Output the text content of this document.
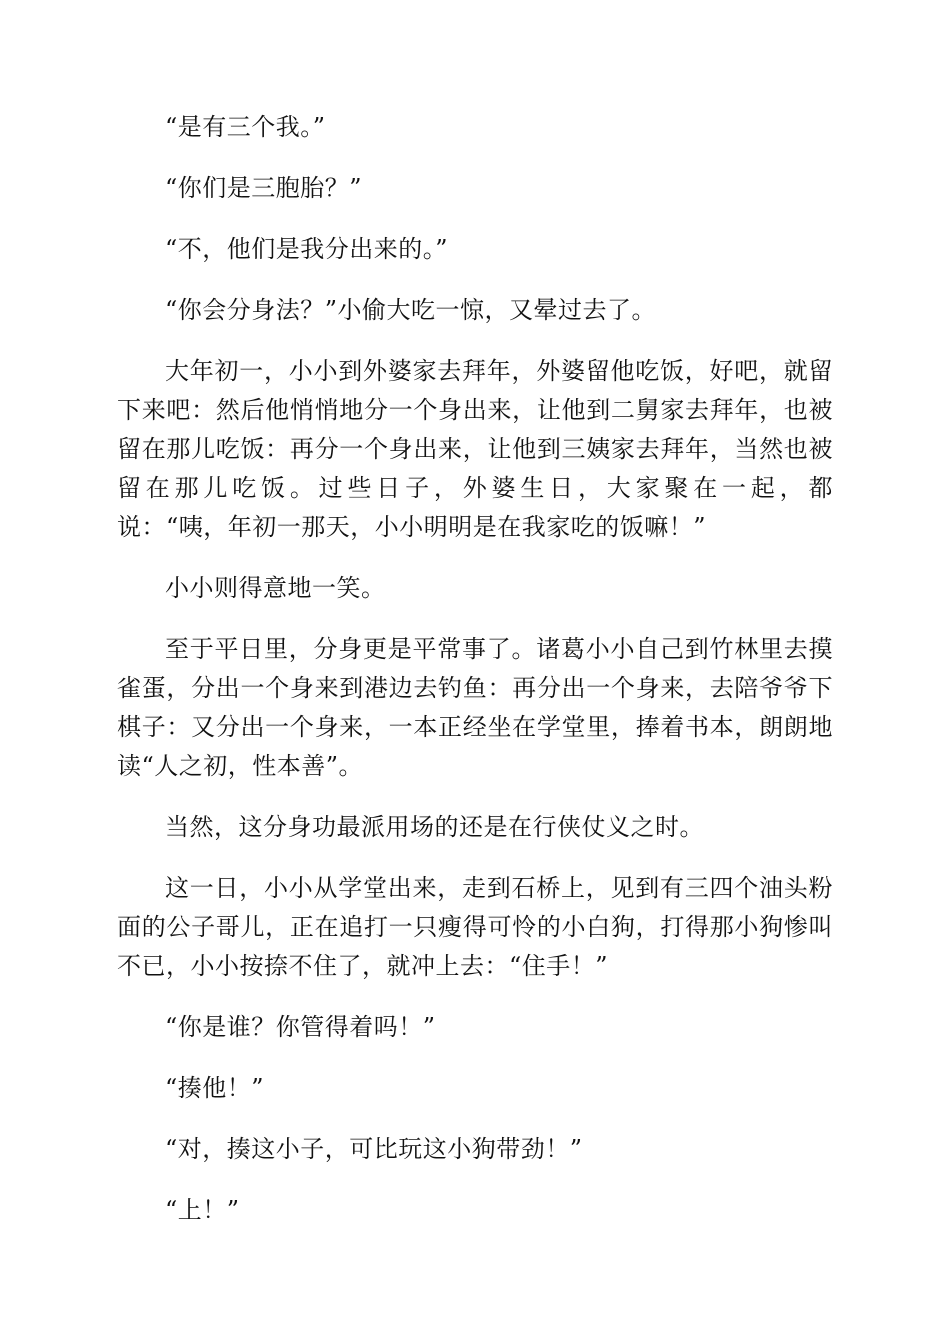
“是有三个我。”

“你们是三胞胎？”

“不，他们是我分出来的。”

“你会分身法？”小偷大吃一惊，又晕过去了。

大年初一，小小到外婆家去拜年，外婆留他吃饭，好吧，就留下来吧：然后他悄悄地分一个身出来，让他到二舅家去拜年，也被留在那儿吃饭：再分一个身出来，让他到三姨家去拜年，当然也被留在那儿吃饭。过些日子，外婆生日，大家聚在一起，都说：“咦，年初一那天，小小明明是在我家吃的饭嘛！”

小小则得意地一笑。

至于平日里，分身更是平常事了。诸葛小小自己到竹林里去摸雀蛋，分出一个身来到港边去钓鱼：再分出一个身来，去陪爷爷下棋子：又分出一个身来，一本正经坐在学堂里，捧着书本，朗朗地读“人之初，性本善”。

当然，这分身功最派用场的还是在行侠仗义之时。

这一日，小小从学堂出来，走到石桥上，见到有三四个油头粉面的公子哥儿，正在追打一只瘦得可怜的小白狗，打得那小狗惨叫不已，小小按捺不住了，就冲上去：“住手！”

“你是谁？你管得着吗！”

“揍他！”

“对，揍这小子，可比玩这小狗带劲！”

“上！”
